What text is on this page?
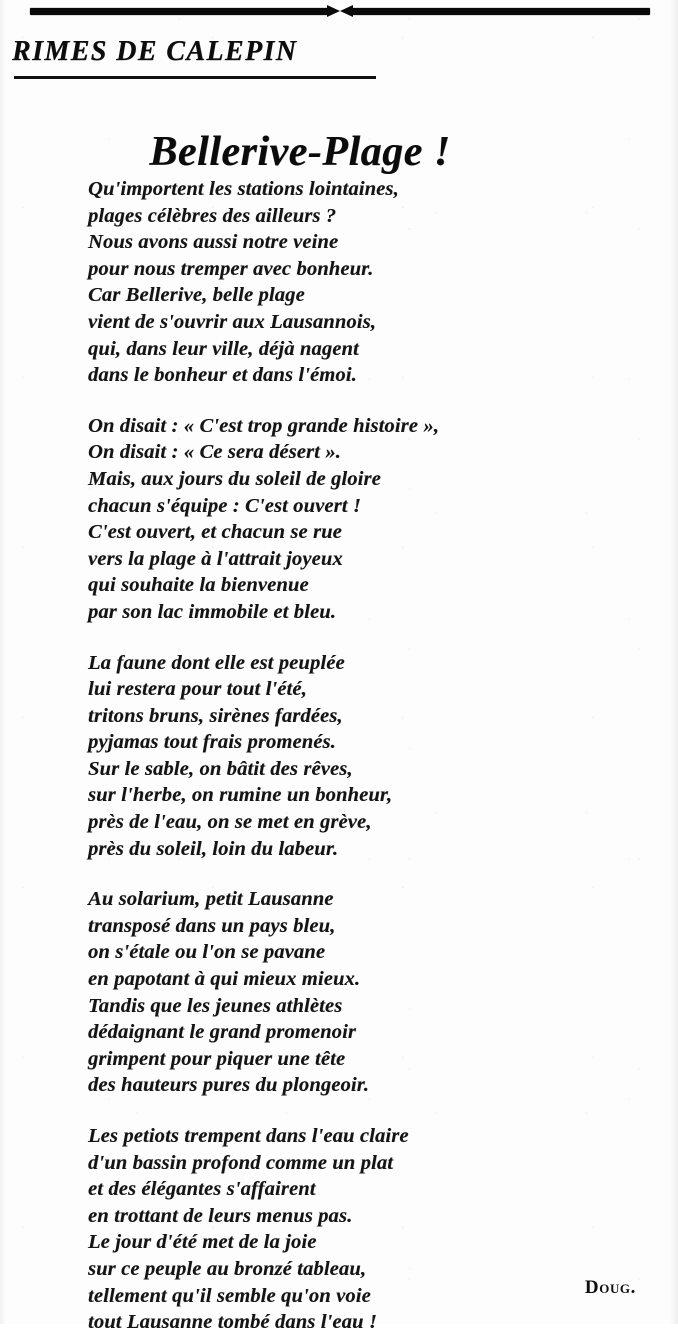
RIMES DE CALEPIN
Bellerive-Plage !
Qu'importent les stations lointaines,
plages célèbres des ailleurs ?
Nous avons aussi notre veine
pour nous tremper avec bonheur.
Car Bellerive, belle plage
vient de s'ouvrir aux Lausannois,
qui, dans leur ville, déjà nagent
dans le bonheur et dans l'émoi.
On disait : « C'est trop grande histoire »,
On disait : « Ce sera désert ».
Mais, aux jours du soleil de gloire
chacun s'équipe : C'est ouvert !
C'est ouvert, et chacun se rue
vers la plage à l'attrait joyeux
qui souhaite la bienvenue
par son lac immobile et bleu.
La faune dont elle est peuplée
lui restera pour tout l'été,
tritons bruns, sirènes fardées,
pyjamas tout frais promenés.
Sur le sable, on bâtit des rêves,
sur l'herbe, on rumine un bonheur,
près de l'eau, on se met en grève,
près du soleil, loin du labeur.
Au solarium, petit Lausanne
transposé dans un pays bleu,
on s'étale ou l'on se pavane
en papotant à qui mieux mieux.
Tandis que les jeunes athlètes
dédaignant le grand promenoir
grimpent pour piquer une tête
des hauteurs pures du plongeoir.
Les petiots trempent dans l'eau claire
d'un bassin profond comme un plat
et des élégantes s'affairent
en trottant de leurs menus pas.
Le jour d'été met de la joie
sur ce peuple au bronzé tableau,
tellement qu'il semble qu'on voie
tout Lausanne tombé dans l'eau !
Doug.
